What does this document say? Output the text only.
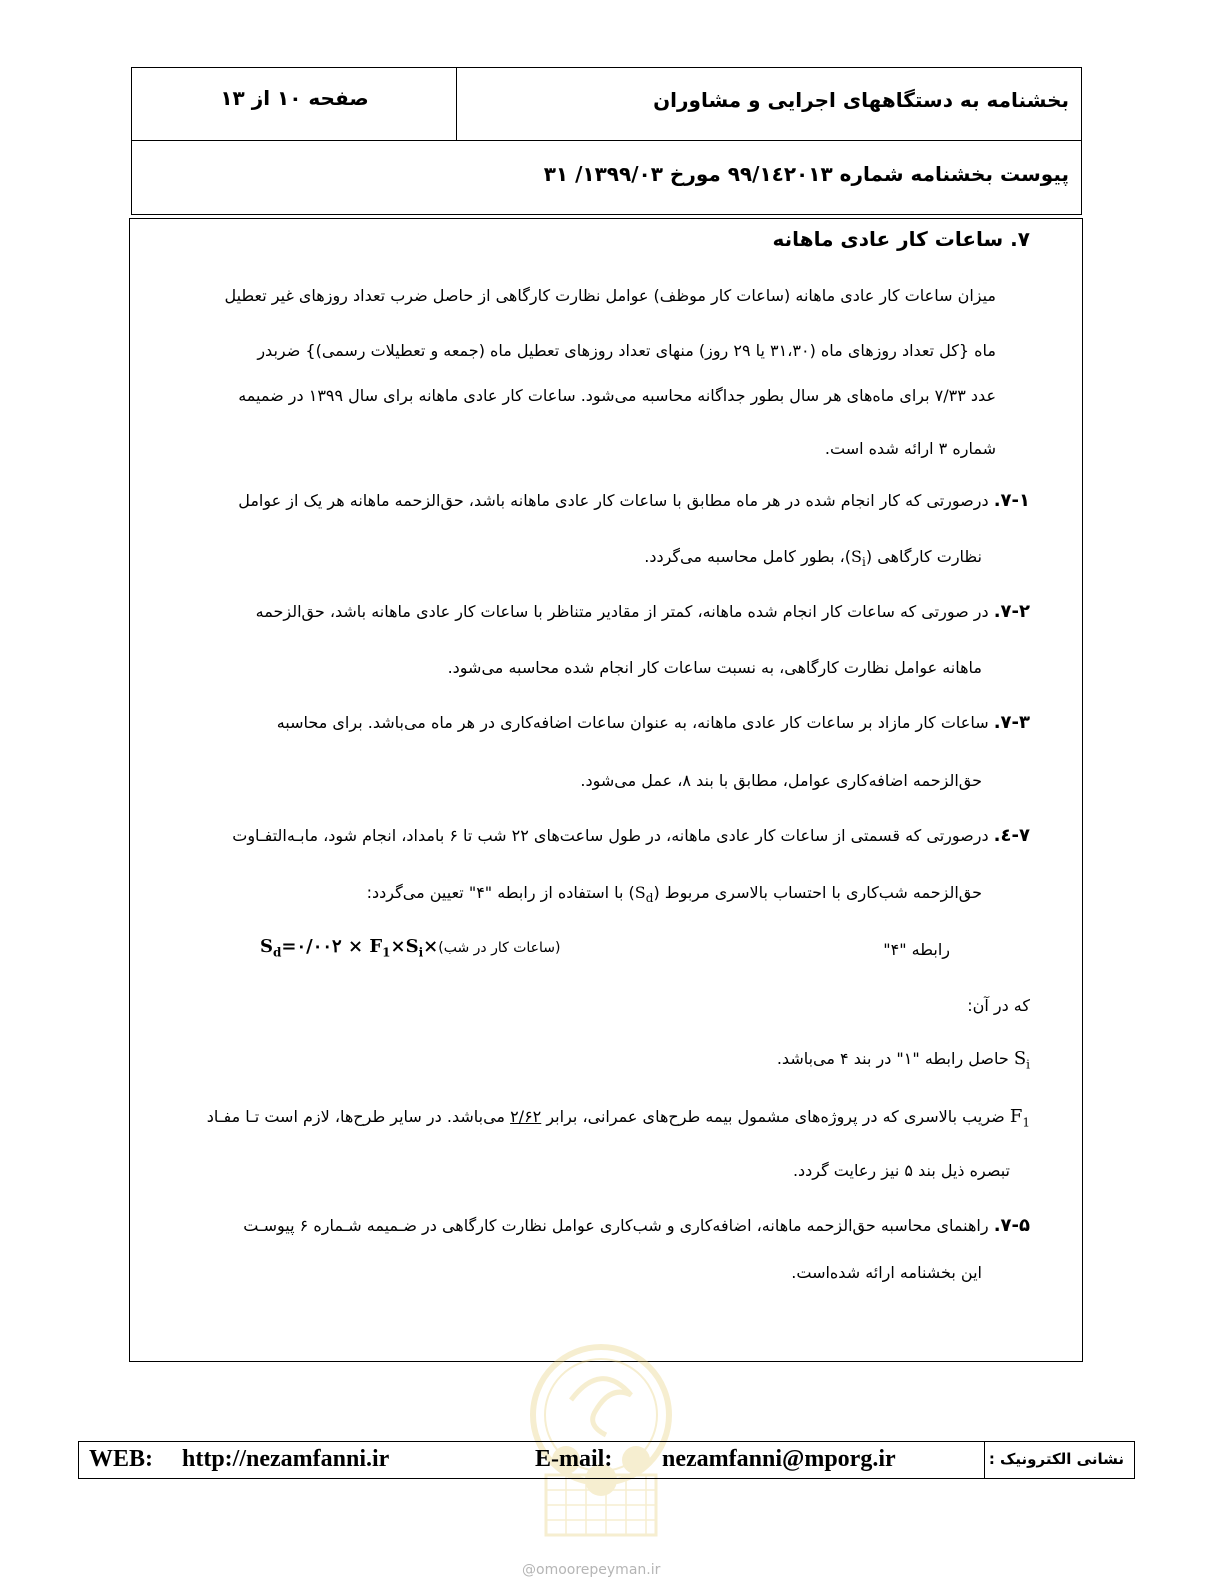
بخشنامه به دستگاههای اجرایی و مشاوران
صفحه ۱۰ از ۱۳
پیوست بخشنامه شماره ۹۹/۱٤۲۰۱۳ مورخ ۱۳۹۹/۰۳/ ۳۱
۷. ساعات کار عادی ماهانه
میزان ساعات کار عادی ماهانه (ساعات کار موظف) عوامل نظارت کارگاهی از حاصل ضرب تعداد روزهای غیر تعطیل
ماه {کل تعداد روزهای ماه (۳۱،۳۰ یا ۲۹ روز) منهای تعداد روزهای تعطیل ماه (جمعه و تعطیلات رسمی)} ضربدر
عدد ۷/۳۳ برای ماه‌های هر سال بطور جداگانه محاسبه می‌شود. ساعات کار عادی ماهانه برای سال ۱۳۹۹ در ضمیمه
شماره ۳ ارائه شده است.
۷-۱. درصورتی که کار انجام شده در هر ماه مطابق با ساعات کار عادی ماهانه باشد، حق‌الزحمه ماهانه هر یک از عوامل
نظارت کارگاهی $(S_i)،$ بطور کامل محاسبه می‌گردد.
۷-۲. در صورتی که ساعات کار انجام شده ماهانه، کمتر از مقادیر متناظر با ساعات کار عادی ماهانه باشد، حق‌الزحمه
ماهانه عوامل نظارت کارگاهی، به نسبت ساعات کار انجام شده محاسبه می‌شود.
۷-۳. ساعات کار مازاد بر ساعات کار عادی ماهانه، به عنوان ساعات اضافه‌کاری در هر ماه می‌باشد. برای محاسبه
حق‌الزحمه اضافه‌کاری عوامل، مطابق با بند ۸، عمل می‌شود.
۷-٤. درصورتی که قسمتی از ساعات کار عادی ماهانه، در طول ساعت‌های ۲۲ شب تا ۶ بامداد، انجام شود، مابـه‌التفـاوت
حق‌الزحمه شب‌کاری با احتساب بالاسری مربوط $(S_d)$ با استفاده از رابطه "۴" تعیین می‌گردد:
رابطه "۴"
$S_d=۰/۰۰۲$ × $F_1\times S_i\times(ساعات$ کار در شب)
که در آن:
$S_i$ حاصل رابطه "۱" در بند ۴ می‌باشد.
$F_1$ ضریب بالاسری که در پروژه‌های مشمول بیمه طرح‌های عمرانی، برابر ۲/۶۲ می‌باشد. در سایر طرح‌ها، لازم است تـا مفـاد
تبصره ذیل بند ۵ نیز رعایت گردد.
۷-۵. راهنمای محاسبه حق‌الزحمه ماهانه، اضافه‌کاری و شب‌کاری عوامل نظارت کارگاهی در ضـمیمه شـماره ۶ پیوسـت
این بخشنامه ارائه شده‌است.
نشانی الکترونیک :
WEB: http://nezamfanni.ir	E-mail: nezamfanni@mporg.ir
@omoorepeyman.ir
